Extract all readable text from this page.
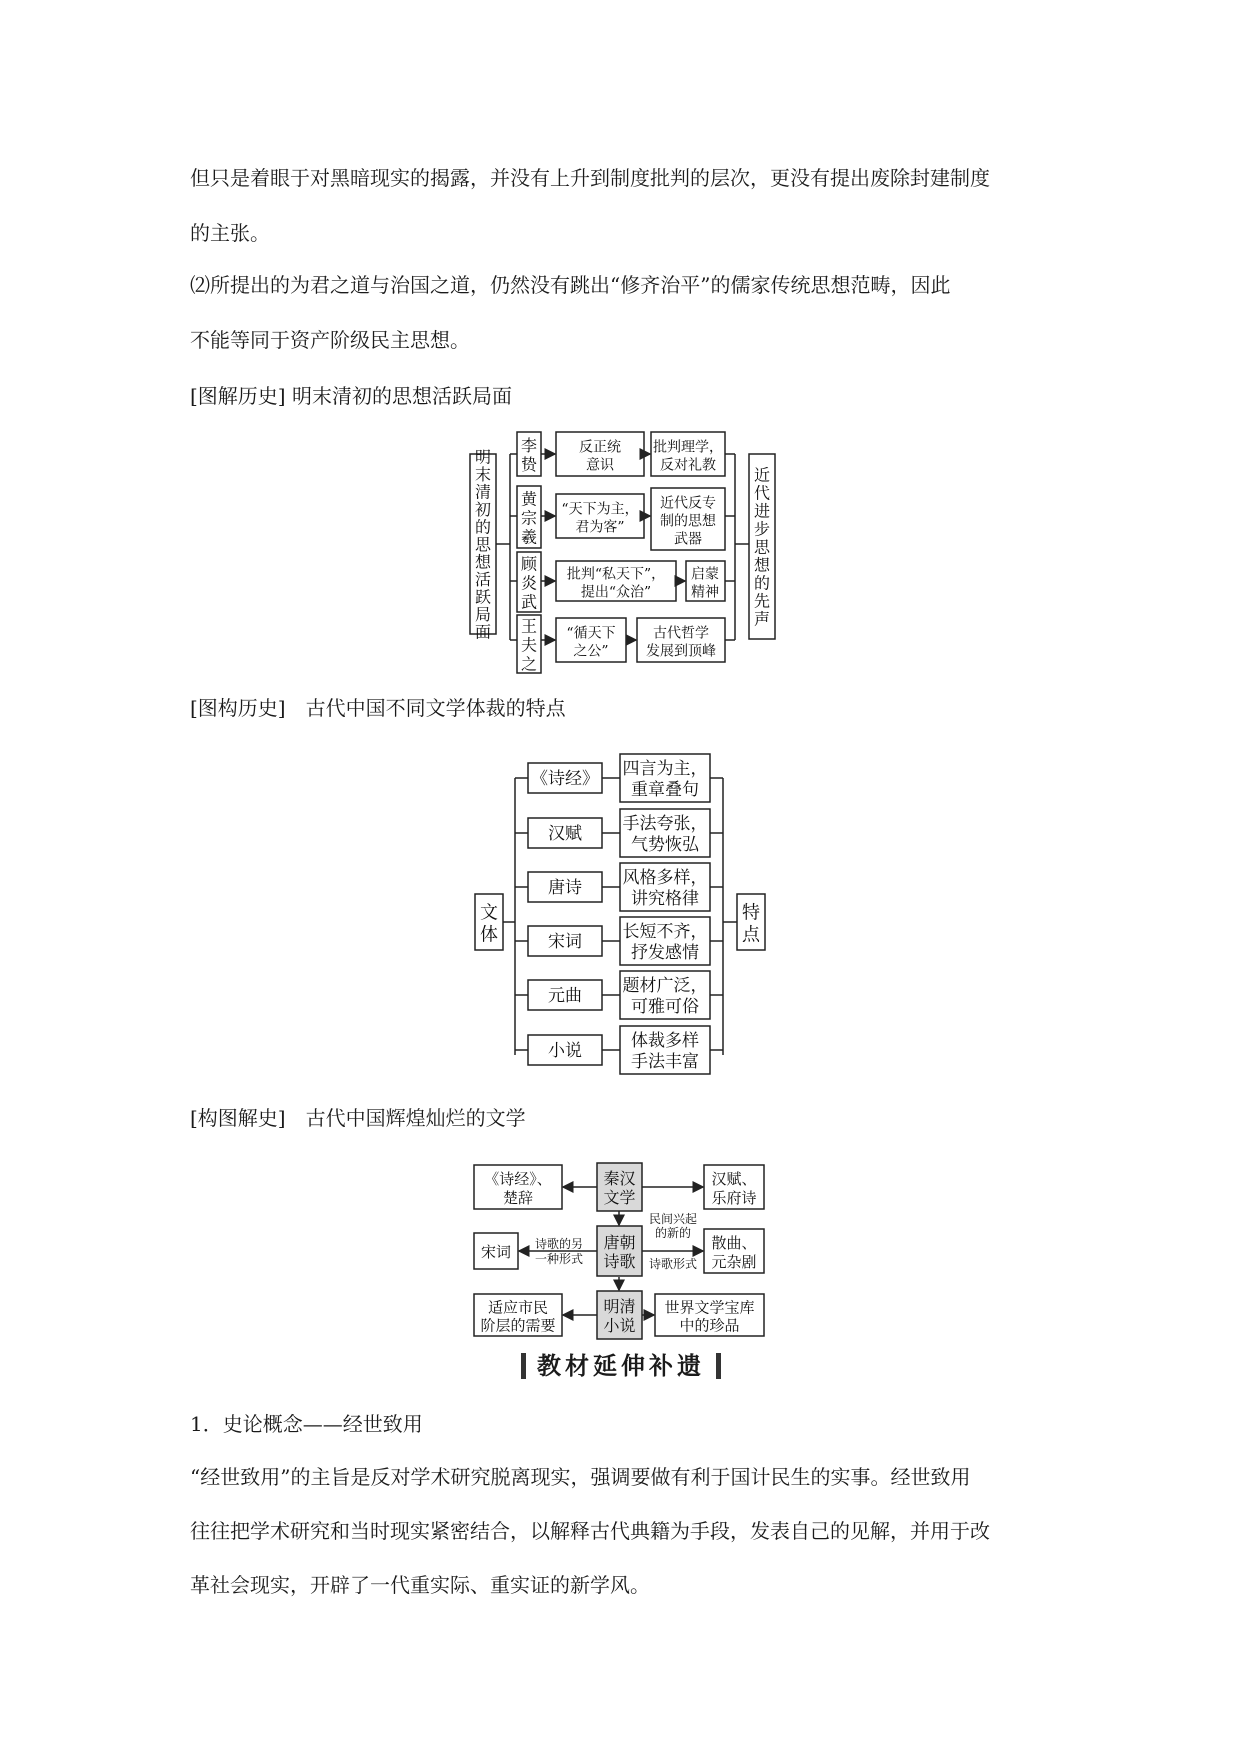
但只是着眼于对黑暗现实的揭露，并没有上升到制度批判的层次，更没有提出废除封建制度
的主张。
⑵所提出的为君之道与治国之道，仍然没有跳出“修齐治平”的儒家传统思想范畴，因此
不能等同于资产阶级民主思想。
[图解历史] 明末清初的思想活跃局面
[图构历史]　古代中国不同文学体裁的特点
[构图解史]　古代中国辉煌灿烂的文学
明末清初的思想活跃局面
近代进步思想的先声
李贽
反正统意识
批判理学，反对礼教
黄宗羲
“天下为主，君为客”
近代反专制的思想武器
顾炎武
批判“私天下”，提出“众治”
启蒙精神
王夫之
“循天下之公”
古代哲学发展到顶峰
文体
特点
《诗经》 四言为主，重章叠句
汉赋 手法夸张，气势恢弘
唐诗 风格多样，讲究格律
宋词 长短不齐，抒发感情
元曲 题材广泛，可雅可俗
小说	体裁多样手法丰富
秦汉文学
《诗经》、楚辞
汉赋、乐府诗
唐朝诗歌
宋词 诗歌的另一种形式
散曲、元杂剧
民间兴起的新的
诗歌形式
明清小说
适应市民阶层的需要
世界文学宝库中的珍品
教材延伸补遗
1．史论概念——经世致用
“经世致用”的主旨是反对学术研究脱离现实，强调要做有利于国计民生的实事。经世致用
往往把学术研究和当时现实紧密结合，以解释古代典籍为手段，发表自己的见解，并用于改
革社会现实，开辟了一代重实际、重实证的新学风。
